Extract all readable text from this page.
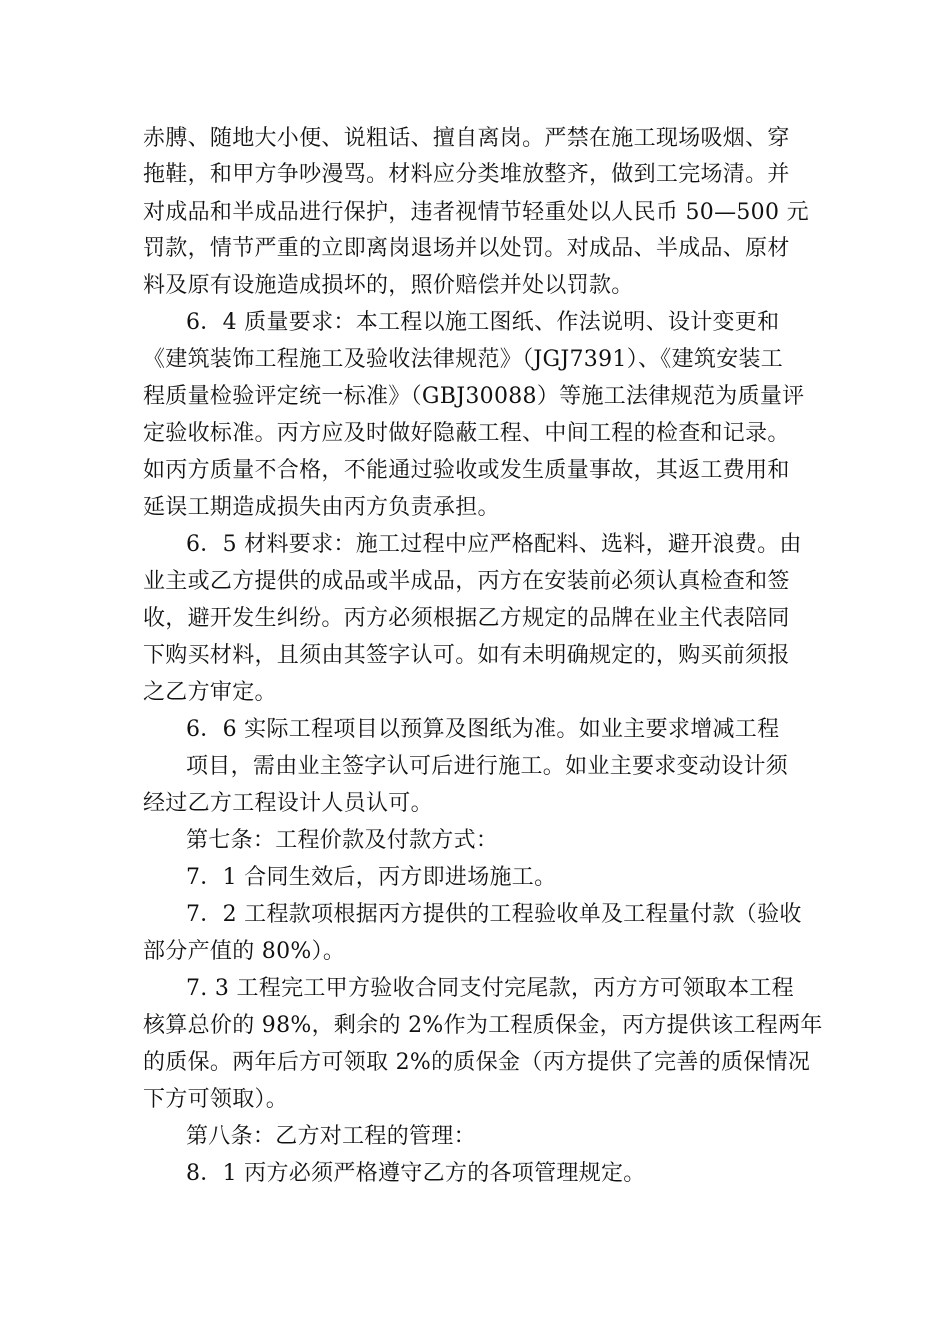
赤膊、随地大小便、说粗话、擅自离岗。严禁在施工现场吸烟、穿
拖鞋，和甲方争吵漫骂。材料应分类堆放整齐，做到工完场清。并
对成品和半成品进行保护，违者视情节轻重处以人民币 50—500 元
罚款，情节严重的立即离岗退场并以处罚。对成品、半成品、原材
料及原有设施造成损坏的，照价赔偿并处以罚款。
6．4 质量要求：本工程以施工图纸、作法说明、设计变更和
《建筑装饰工程施工及验收法律规范》（JGJ7391）、《建筑安装工
程质量检验评定统一标准》（GBJ30088）等施工法律规范为质量评
定验收标准。丙方应及时做好隐蔽工程、中间工程的检查和记录。
如丙方质量不合格，不能通过验收或发生质量事故，其返工费用和
延误工期造成损失由丙方负责承担。
6．5 材料要求：施工过程中应严格配料、选料，避开浪费。由
业主或乙方提供的成品或半成品，丙方在安装前必须认真检查和签
收，避开发生纠纷。丙方必须根据乙方规定的品牌在业主代表陪同
下购买材料，且须由其签字认可。如有未明确规定的，购买前须报
之乙方审定。
6．6 实际工程项目以预算及图纸为准。如业主要求增减工程
项目，需由业主签字认可后进行施工。如业主要求变动设计须
经过乙方工程设计人员认可。
第七条：工程价款及付款方式：
7．1 合同生效后，丙方即进场施工。
7．2 工程款项根据丙方提供的工程验收单及工程量付款（验收
部分产值的 80%）。
7. 3 工程完工甲方验收合同支付完尾款，丙方方可领取本工程
核算总价的 98%，剩余的 2%作为工程质保金，丙方提供该工程两年
的质保。两年后方可领取 2%的质保金（丙方提供了完善的质保情况
下方可领取）。
第八条：乙方对工程的管理：
8．1 丙方必须严格遵守乙方的各项管理规定。
